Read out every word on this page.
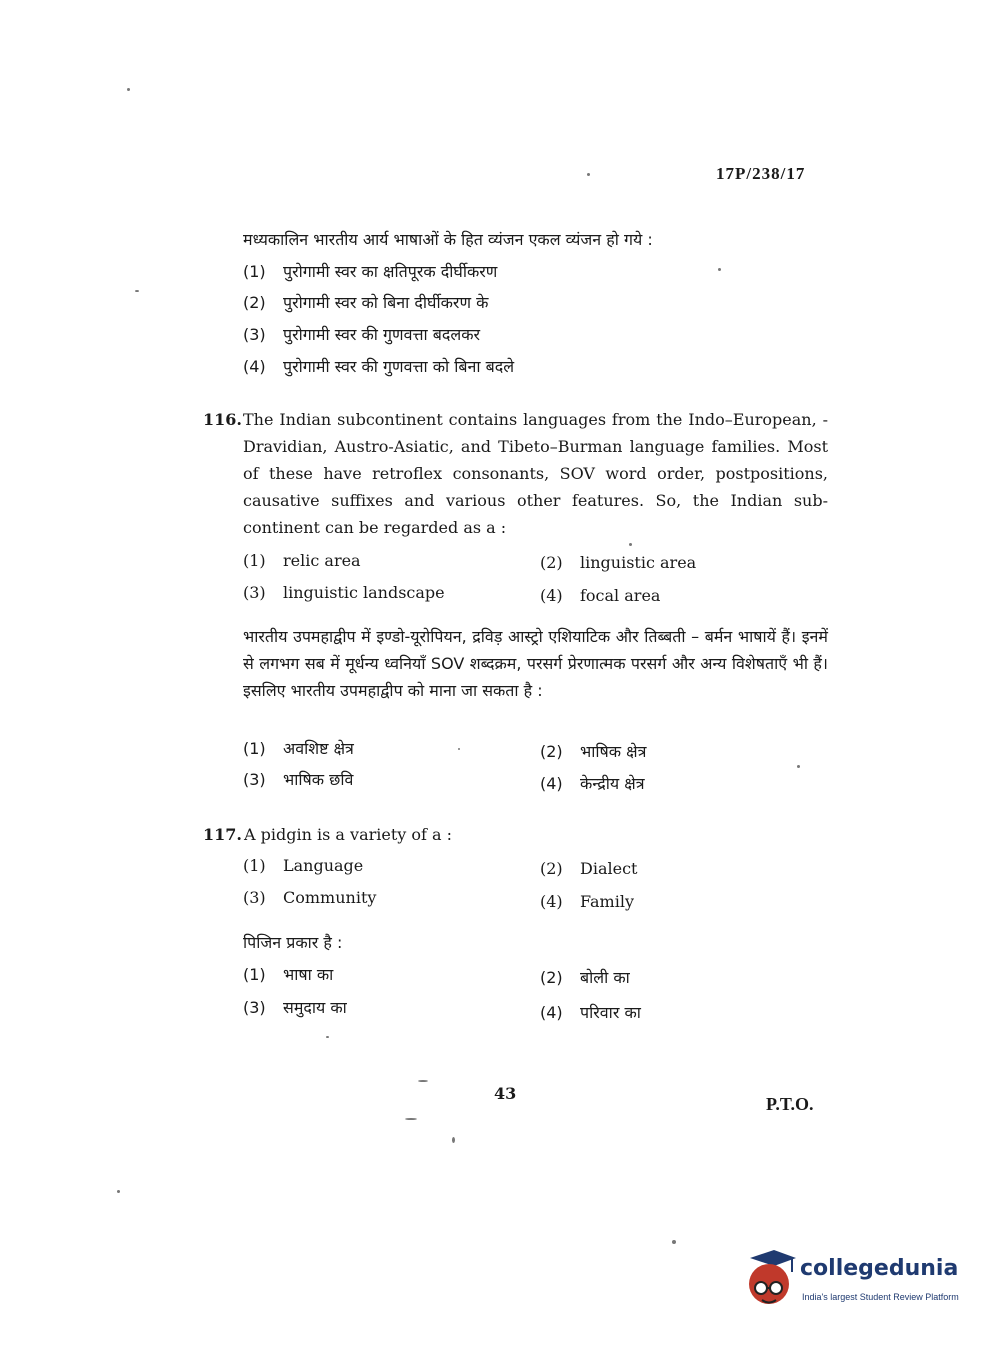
17P/238/17
मध्यकालिन भारतीय आर्य भाषाओं के हित व्यंजन एकल व्यंजन हो गये :
(1) पुरोगामी स्वर का क्षतिपूरक दीर्घीकरण
(2) पुरोगामी स्वर को बिना दीर्घीकरण के
(3) पुरोगामी स्वर की गुणवत्ता बदलकर
(4) पुरोगामी स्वर की गुणवत्ता को बिना बदले
116. The Indian subcontinent contains languages from the Indo–European, - Dravidian, Austro-Asiatic, and Tibeto–Burman language families. Most of these have retroflex consonants, SOV word order, postpositions, causative suffixes and various other features. So, the Indian sub-continent can be regarded as a :
(1) relic area	(2) linguistic area
(3) linguistic landscape	(4) focal area
भारतीय उपमहाद्वीप में इण्डो-यूरोपियन, द्रविड़ आस्ट्रो एशियाटिक और तिब्बती – बर्मन भाषायें हैं। इनमें से लगभग सब में मूर्धन्य ध्वनियाँ SOV शब्दक्रम, परसर्ग प्रेरणात्मक परसर्ग और अन्य विशेषताएँ भी हैं। इसलिए भारतीय उपमहाद्वीप को माना जा सकता है :
(1) अवशिष्ट क्षेत्र	(2) भाषिक क्षेत्र
(3) भाषिक छवि	(4) केन्द्रीय क्षेत्र
117. A pidgin is a variety of a :
(1) Language	(2) Dialect
(3) Community	(4) Family
पिजिन प्रकार है :
(1) भाषा का	(2) बोली का
(3) समुदाय का	(4) परिवार का
43
P.T.O.
collegedunia
India's largest Student Review Platform
